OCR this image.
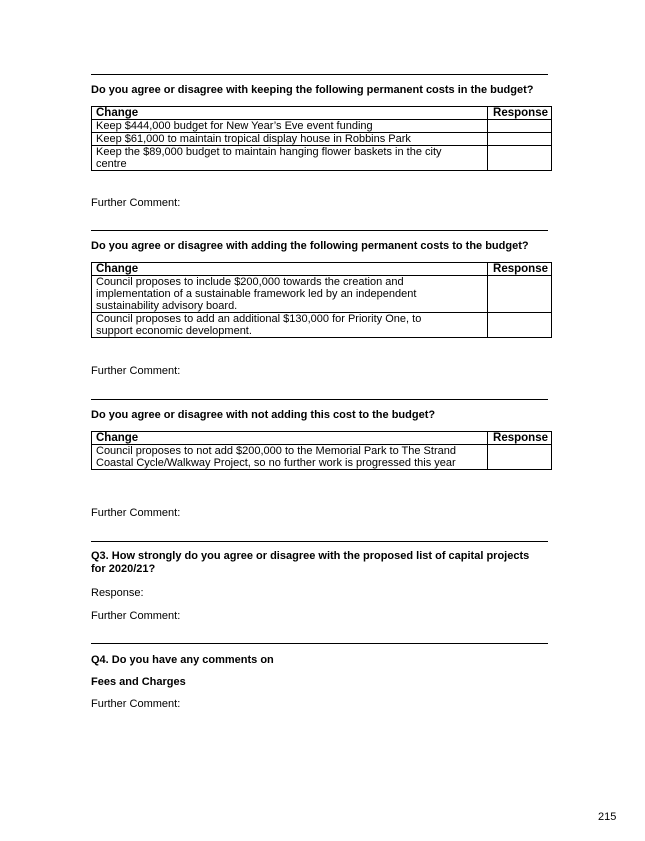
Do you agree or disagree with keeping the following permanent costs in the budget?
Change	Response
Keep $444,000 budget for New Year’s Eve event funding	
Keep $61,000 to maintain tropical display house in Robbins Park	
Keep the $89,000 budget to maintain hanging flower baskets in the city centre	
Further Comment:
Do you agree or disagree with adding the following permanent costs to the budget?
Change	Response
Council proposes to include $200,000 towards the creation and implementation of a sustainable framework led by an independent sustainability advisory board.	
Council proposes to add an additional $130,000 for Priority One, to support economic development.	
Further Comment:
Do you agree or disagree with not adding this cost to the budget?
Change	Response
Council proposes to not add $200,000 to the Memorial Park to The Strand Coastal Cycle/Walkway Project, so no further work is progressed this year	
Further Comment:
Q3. How strongly do you agree or disagree with the proposed list of capital projects for 2020/21?
Response:
Further Comment:
Q4. Do you have any comments on
Fees and Charges
Further Comment:
215
